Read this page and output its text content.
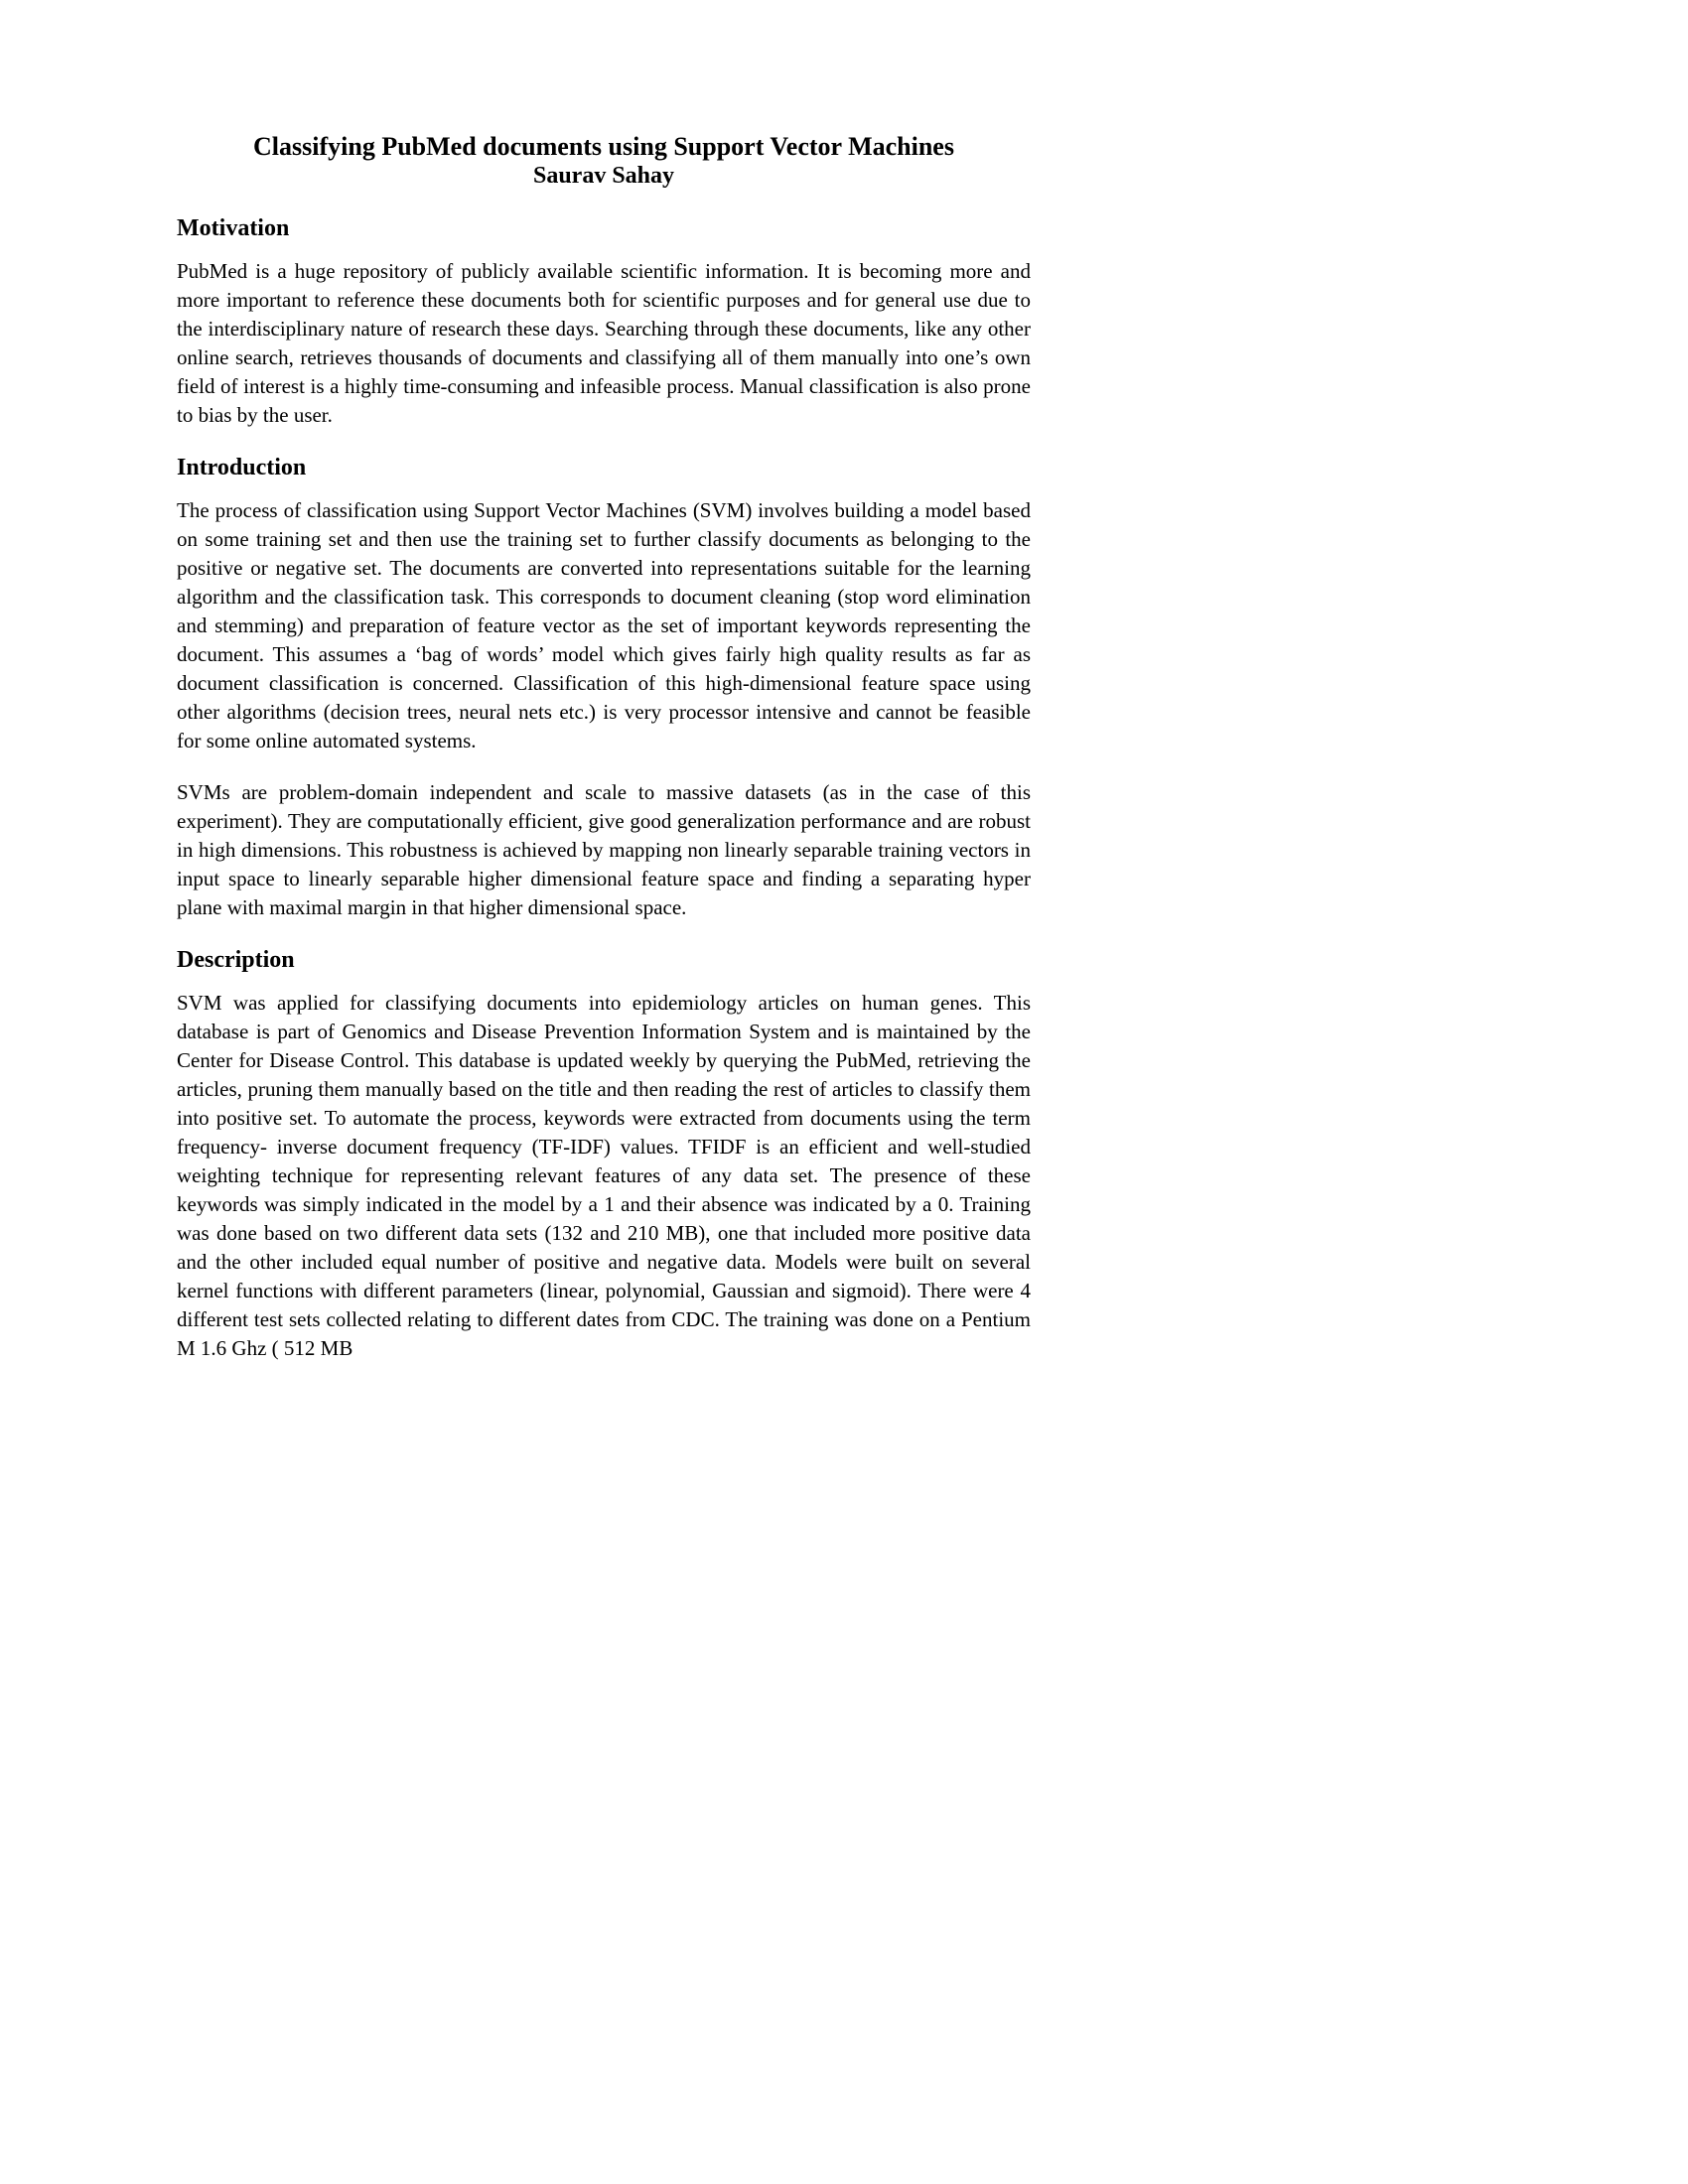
Classifying PubMed documents using Support Vector Machines
Saurav Sahay
Motivation

PubMed is a huge repository of publicly available scientific information. It is becoming more and more important to reference these documents both for scientific purposes and for general use due to the interdisciplinary nature of research these days. Searching through these documents, like any other online search, retrieves thousands of documents and classifying all of them manually into one’s own field of interest is a highly time-consuming and infeasible process. Manual classification is also prone to bias by the user.

Introduction

The process of classification using Support Vector Machines (SVM) involves building a model based on some training set and then use the training set to further classify documents as belonging to the positive or negative set. The documents are converted into representations suitable for the learning algorithm and the classification task. This corresponds to document cleaning (stop word elimination and stemming) and preparation of feature vector as the set of important keywords representing the document. This assumes a ‘bag of words’ model which gives fairly high quality results as far as document classification is concerned. Classification of this high-dimensional feature space using other algorithms (decision trees, neural nets etc.) is very processor intensive and cannot be feasible for some online automated systems.

SVMs are problem-domain independent and scale to massive datasets (as in the case of this experiment). They are computationally efficient, give good generalization performance and are robust in high dimensions. This robustness is achieved by mapping non linearly separable training vectors in input space to linearly separable higher dimensional feature space and finding a separating hyper plane with maximal margin in that higher dimensional space.

Description

SVM was applied for classifying documents into epidemiology articles on human genes. This database is part of Genomics and Disease Prevention Information System and is maintained by the Center for Disease Control. This database is updated weekly by querying the PubMed, retrieving the articles, pruning them manually based on the title and then reading the rest of articles to classify them into positive set. To automate the process, keywords were extracted from documents using the term frequency- inverse document frequency (TF-IDF) values. TFIDF is an efficient and well-studied weighting technique for representing relevant features of any data set. The presence of these keywords was simply indicated in the model by a 1 and their absence was indicated by a 0. Training was done based on two different data sets (132 and 210 MB), one that included more positive data and the other included equal number of positive and negative data. Models were built on several kernel functions with different parameters (linear, polynomial, Gaussian and sigmoid). There were 4 different test sets collected relating to different dates from CDC. The training was done on a Pentium M 1.6 Ghz ( 512 MB
